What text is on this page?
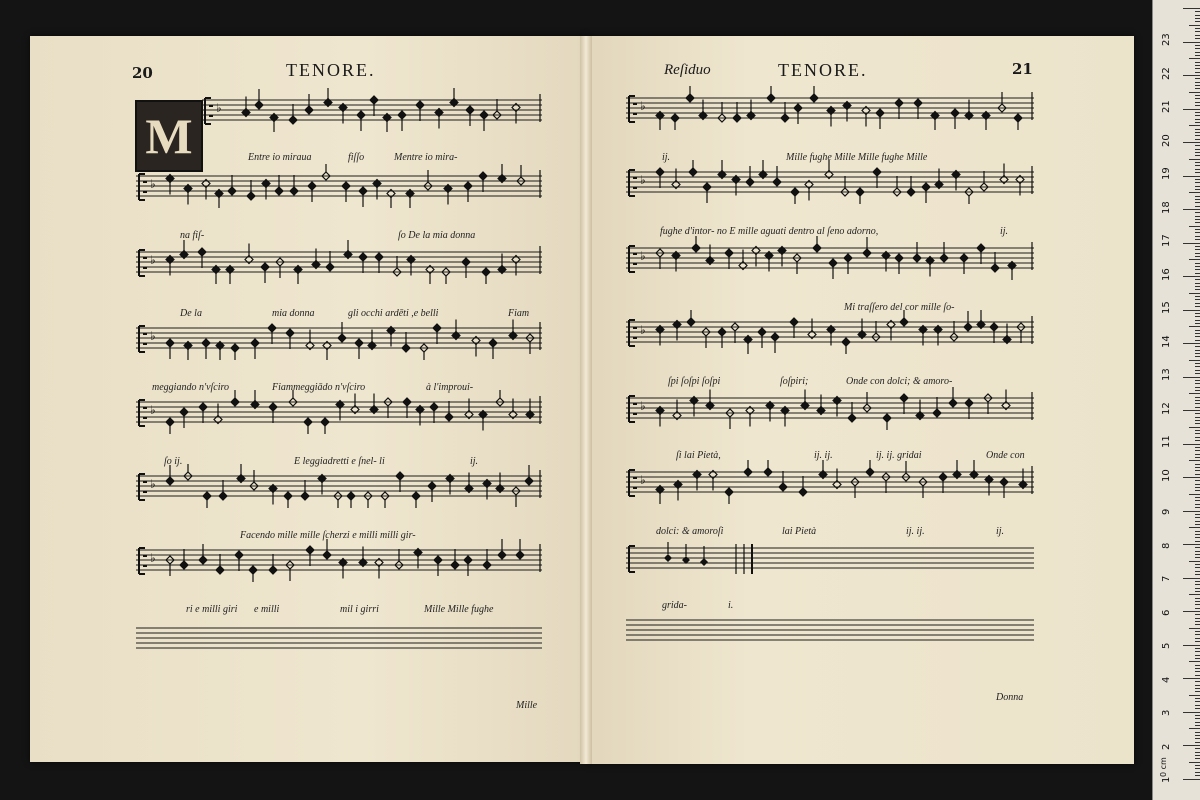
20	TENORE.
M
Reſiduo	TENORE.	21
♭
♭
♭
♭
♭
♭
♭
♭
♭
♭
♭
♭
♭
Entre io miraua	fiſſo	Mentre io mira-
na fiſ-	ſo De la mia donna
De la	mia donna	gli occhi ardēti ,e belli	Fiam
meggiando n'vſciro	Fiammeggiādo n'vſciro	à l'improui-
ſo ij.	E leggiadretti e ſnel- li	ij.
Facendo mille mille ſcherzi e milli milli gir-
ri e milli giri e milli	mil i girri	Mille Mille fughe
Mille
ij.	Mille fughe Mille Mille fughe Mille
fughe d'intor- no E mille aguati dentro al ſeno adorno,	ij.
Mi traſſero del cor mille ſo-
ſpi ſoſpi ſoſpi	ſoſpiri;	Onde con dolci; & amoro-
ſi lai Pietà,	ij. ij.	ij. ij. gridai	Onde con
dolci: & amoroſi	lai Pietà	ij. ij.	ij.
grida-	i.
Donna
0 cm
23
22
21
20
19
18
17
16
15
14
13
12
11
10
9
8
7
6
5
4
3
2
1
